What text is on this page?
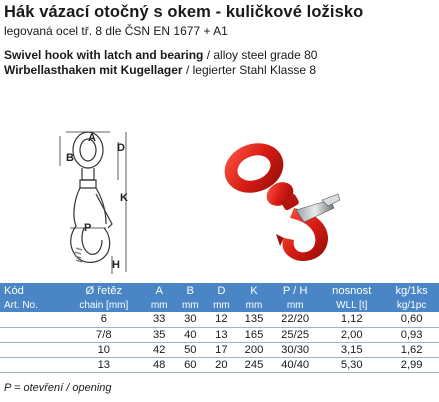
Hák vázací otočný s okem - kuličkové ložisko
legovaná ocel tř. 8 dle ČSN EN 1677 + A1
Swivel hook with latch and bearing / alloy steel grade 80
Wirbellasthaken mit Kugellager / legierter Stahl Klasse 8
A
B
D
K
P
H
Kód	Ø řetěz	A	B	D	K	P / H	nosnost	kg/1ks
Art. No.	chain [mm]	mm	mm	mm	mm	mm	WLL [t]	kg/1pc
	6	33	30	12	135	22/20	1,12	0,60
	7/8	35	40	13	165	25/25	2,00	0,93
	10	42	50	17	200	30/30	3,15	1,62
	13	48	60	20	245	40/40	5,30	2,99
P = otevření / opening
